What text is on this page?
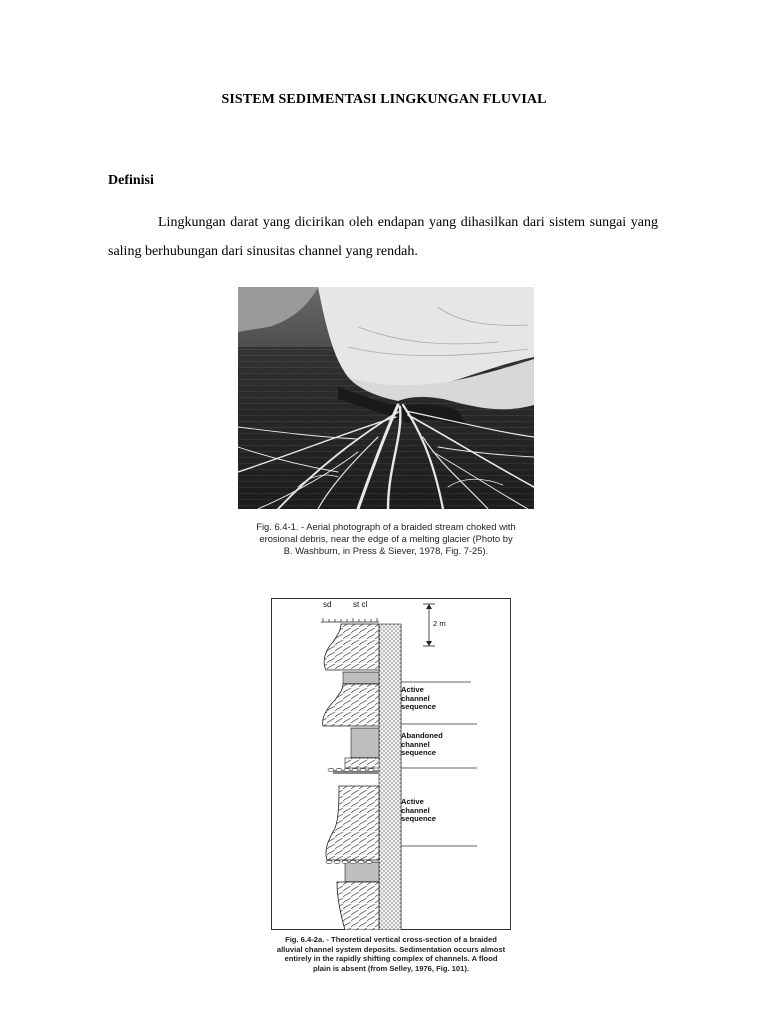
SISTEM SEDIMENTASI LINGKUNGAN FLUVIAL
Definisi

Lingkungan darat yang dicirikan oleh endapan yang dihasilkan dari sistem sungai yang saling berhubungan dari sinusitas channel yang rendah.

Fig. 6.4-1. - Aerial photograph of a braided stream choked with
erosional debris, near the edge of a melting glacier (Photo by
B. Washburn, in Press & Siever, 1978, Fig. 7-25).
sd	st cl
2 m
Active
channel
sequence
Abandoned
channel
sequence
Active
channel
sequence
Fig. 6.4-2a. - Theoretical vertical cross-section of a braided
alluvial channel system deposits. Sedimentation occurs almost
entirely in the rapidly shifting complex of channels. A flood
plain is absent (from Selley, 1976, Fig. 101).
